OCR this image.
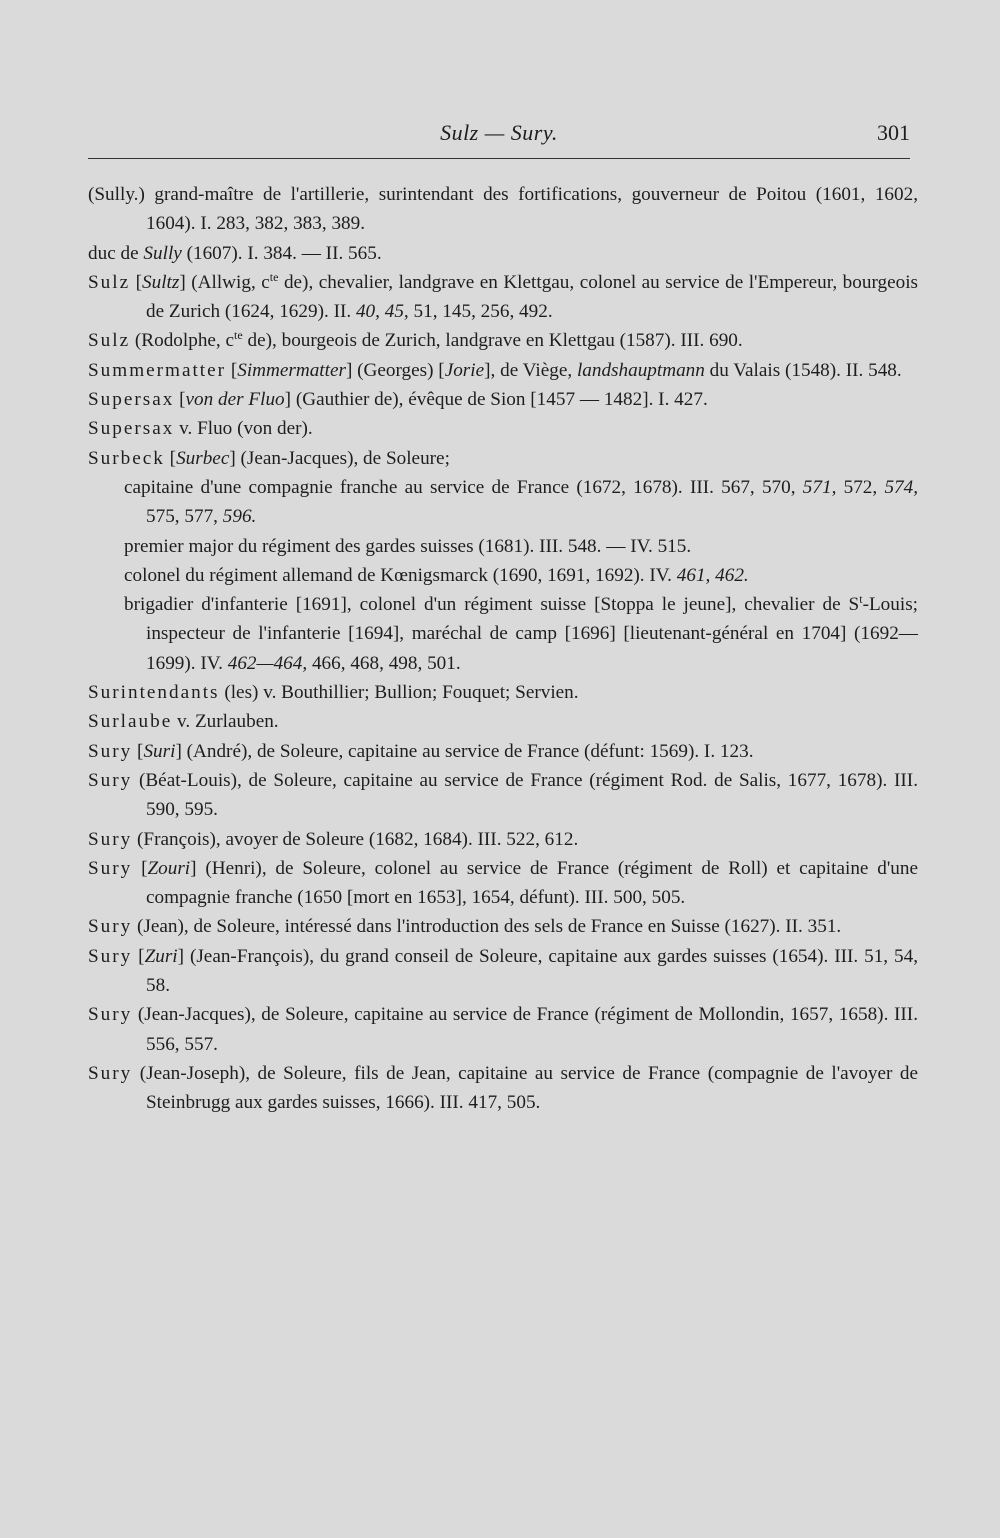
Sulz — Sury.	301

(Sully.) grand-maître de l'artillerie, surintendant des fortifications, gouverneur de Poitou (1601, 1602, 1604). I. 283, 382, 383, 389.

duc de Sully (1607). I. 384. — II. 565.

Sulz [Sultz] (Allwig, $c^{te}$ de), chevalier, landgrave en Klettgau, colonel au service de l'Empereur, bourgeois de Zurich (1624, 1629). II. 40, 45, 51, 145, 256, 492.

Sulz (Rodolphe, $c^{te}$ de), bourgeois de Zurich, landgrave en Klettgau (1587). III. 690.

Summermatter [Simmermatter] (Georges) [Jorie], de Viège, landshauptmann du Valais (1548). II. 548.

Supersax [von der Fluo] (Gauthier de), évêque de Sion [1457 — 1482]. I. 427.

Supersax v. Fluo (von der).

Surbeck [Surbec] (Jean-Jacques), de Soleure;

capitaine d'une compagnie franche au service de France (1672, 1678). III. 567, 570, 571, 572, 574, 575, 577, 596.

premier major du régiment des gardes suisses (1681). III. 548. — IV. 515.

colonel du régiment allemand de Kœnigsmarck (1690, 1691, 1692). IV. 461, 462.

brigadier d'infanterie [1691], colonel d'un régiment suisse [Stoppa le jeune], chevalier de $S^t$-Louis; inspecteur de l'infanterie [1694], maréchal de camp [1696] [lieutenant-général en 1704] (1692—1699). IV. 462—464, 466, 468, 498, 501.

Surintendants (les) v. Bouthillier; Bullion; Fouquet; Servien.

Surlaube v. Zurlauben.

Sury [Suri] (André), de Soleure, capitaine au service de France (défunt: 1569). I. 123.

Sury (Béat-Louis), de Soleure, capitaine au service de France (régiment Rod. de Salis, 1677, 1678). III. 590, 595.

Sury (François), avoyer de Soleure (1682, 1684). III. 522, 612.

Sury [Zouri] (Henri), de Soleure, colonel au service de France (régiment de Roll) et capitaine d'une compagnie franche (1650 [mort en 1653], 1654, défunt). III. 500, 505.

Sury (Jean), de Soleure, intéressé dans l'introduction des sels de France en Suisse (1627). II. 351.

Sury [Zuri] (Jean-François), du grand conseil de Soleure, capitaine aux gardes suisses (1654). III. 51, 54, 58.

Sury (Jean-Jacques), de Soleure, capitaine au service de France (régiment de Mollondin, 1657, 1658). III. 556, 557.

Sury (Jean-Joseph), de Soleure, fils de Jean, capitaine au service de France (compagnie de l'avoyer de Steinbrugg aux gardes suisses, 1666). III. 417, 505.
